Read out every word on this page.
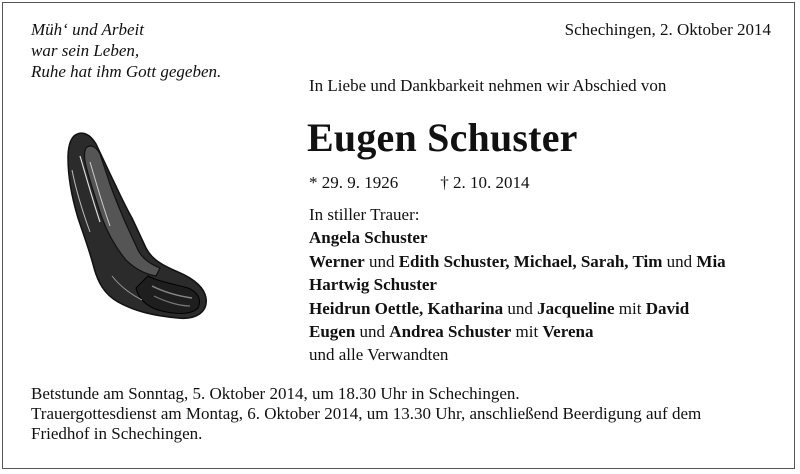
Müh‘ und Arbeit
war sein Leben,
Ruhe hat ihm Gott gegeben.
Schechingen, 2. Oktober 2014
In Liebe und Dankbarkeit nehmen wir Abschied von
Eugen Schuster
* 29. 9. 1926 † 2. 10. 2014
In stiller Trauer:
Angela Schuster
Werner und Edith Schuster, Michael, Sarah, Tim und Mia
Hartwig Schuster
Heidrun Oettle, Katharina und Jacqueline mit David
Eugen und Andrea Schuster mit Verena
und alle Verwandten
Betstunde am Sonntag, 5. Oktober 2014, um 18.30 Uhr in Schechingen.
Trauergottesdienst am Montag, 6. Oktober 2014, um 13.30 Uhr, anschließend Beerdigung auf dem
Friedhof in Schechingen.
